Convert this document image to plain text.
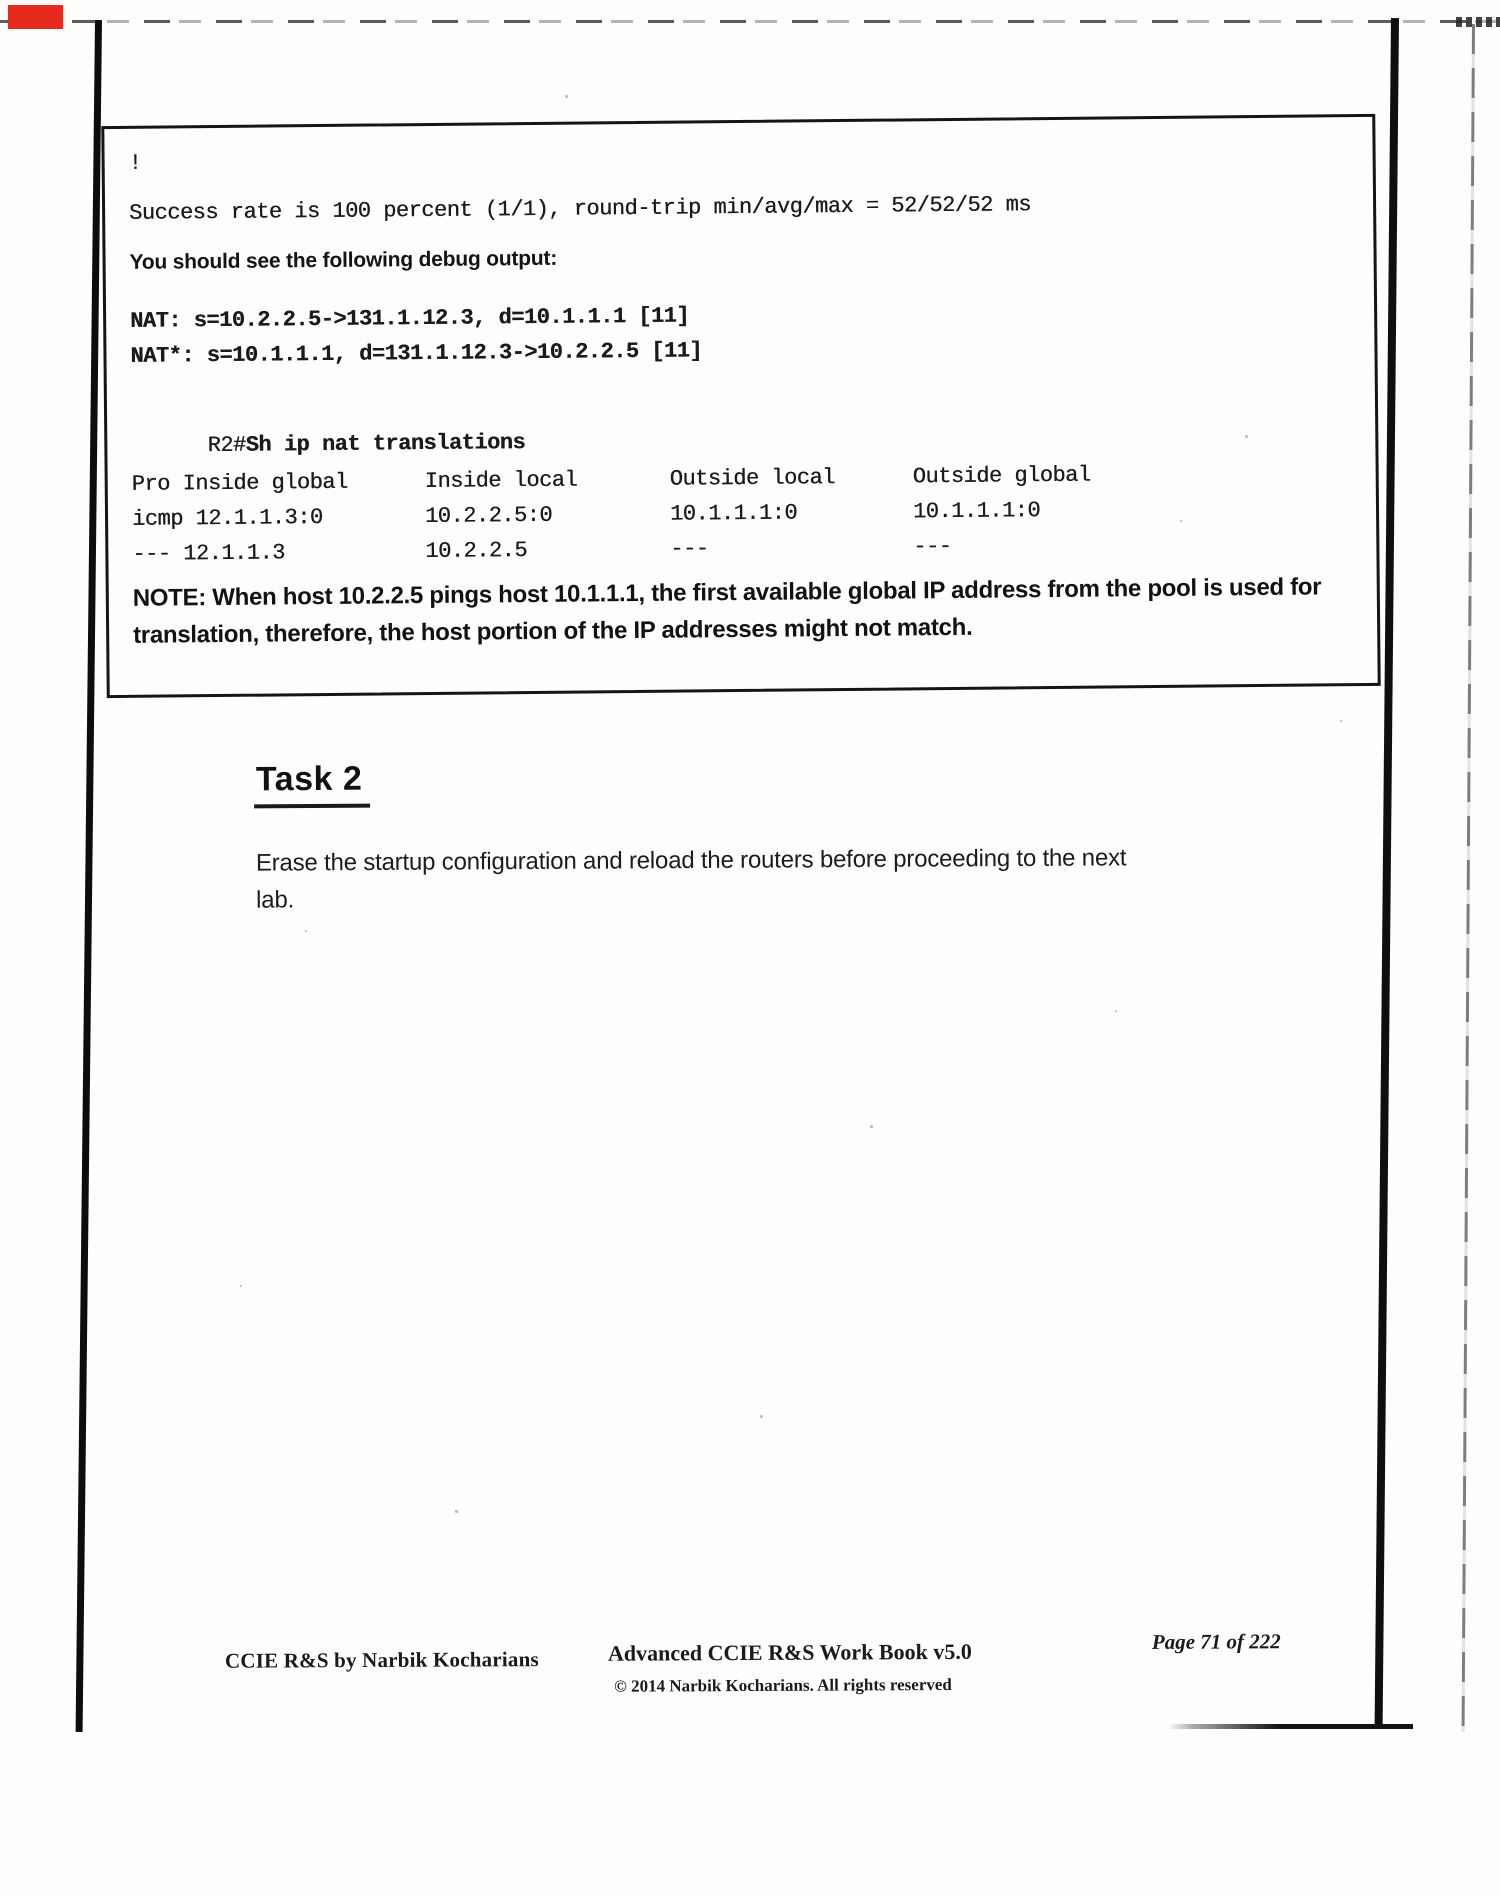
!
Success rate is 100 percent (1/1), round-trip min/avg/max = 52/52/52 ms
You should see the following debug output:
NAT: s=10.2.2.5->131.1.12.3, d=10.1.1.1 [11]
NAT*: s=10.1.1.1, d=131.1.12.3->10.2.2.5 [11]

R2#Sh ip nat translations

Pro Inside global	Inside local	Outside local	Outside global
icmp 12.1.1.3:0	10.2.2.5:0	10.1.1.1:0	10.1.1.1:0
--- 12.1.1.3	10.2.2.5	---	---
NOTE: When host 10.2.2.5 pings host 10.1.1.1, the first available global IP address from the pool is used for
translation, therefore, the host portion of the IP addresses might not match.
Task 2
Erase the startup configuration and reload the routers before proceeding to the next
lab.
CCIE R&S by Narbik Kocharians	Advanced CCIE R&S Work Book v5.0
© 2014 Narbik Kocharians. All rights reserved
Page 71 of 222
